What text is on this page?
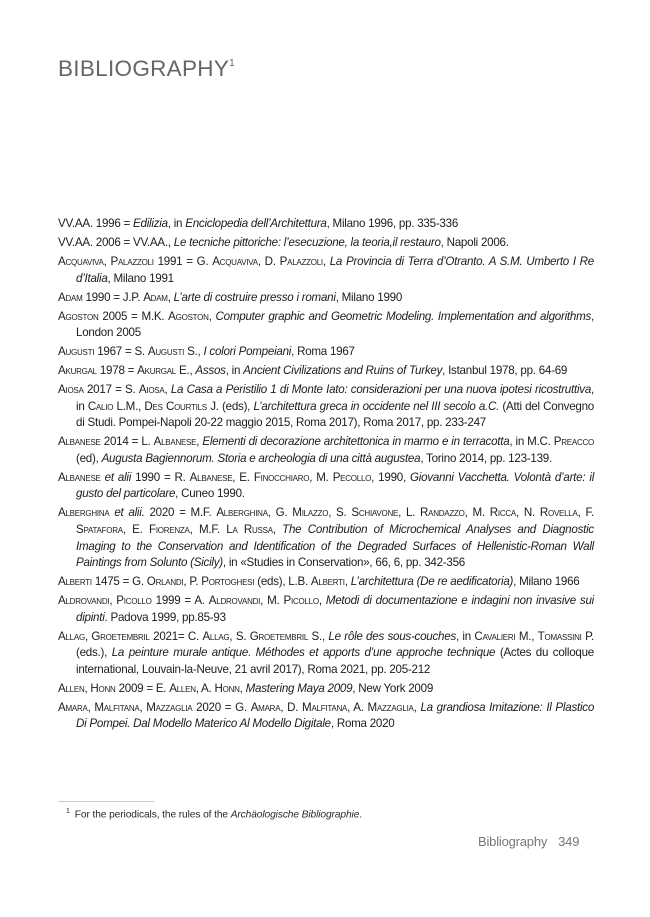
BIBLIOGRAPHY$^1$
VV.AA. 1996 = Edilizia, in Enciclopedia dell’Architettura, Milano 1996, pp. 335-336
VV.AA. 2006 = VV.AA., Le tecniche pittoriche: l’esecuzione, la teoria,il restauro, Napoli 2006.
Acquaviva, Palazzoli 1991 = G. Acquaviva, D. Palazzoli, La Provincia di Terra d’Otranto. A S.M. Umberto I Re d’Italia, Milano 1991
Adam 1990 = J.P. Adam, L’arte di costruire presso i romani, Milano 1990
Agoston 2005 = M.K. Agoston, Computer graphic and Geometric Modeling. Implementation and algorithms, London 2005
Augusti 1967 = S. Augusti S., I colori Pompeiani, Roma 1967
Akurgal 1978 = Akurgal E., Assos, in Ancient Civilizations and Ruins of Turkey, Istanbul 1978, pp. 64-69
Aiosa 2017 = S. Aiosa, La Casa a Peristilio 1 di Monte Iato: considerazioni per una nuova ipotesi ricostruttiva, in Calio L.M., Des Courtils J. (eds), L’architettura greca in occidente nel III secolo a.C. (Atti del Convegno di Studi. Pompei-Napoli 20-22 maggio 2015, Roma 2017), Roma 2017, pp. 233-247
Albanese 2014 = L. Albanese, Elementi di decorazione architettonica in marmo e in terracotta, in M.C. Preacco (ed), Augusta Bagiennorum. Storia e archeologia di una città augustea, Torino 2014, pp. 123-139.
Albanese et alii 1990 = R. Albanese, E. Finocchiaro, M. Pecollo, 1990, Giovanni Vacchetta. Volontà d’arte: il gusto del particolare, Cuneo 1990.
Alberghina et alii. 2020 = M.F. Alberghina, G. Milazzo, S. Schiavone, L. Randazzo, M. Ricca, N. Rovella, F. Spatafora, E. Fiorenza, M.F. La Russa, The Contribution of Microchemical Analyses and Diagnostic Imaging to the Conservation and Identification of the Degraded Surfaces of Hellenistic-Roman Wall Paintings from Solunto (Sicily), in «Studies in Conservation», 66, 6, pp. 342-356
Alberti 1475 = G. Orlandi, P. Portoghesi (eds), L.B. Alberti, L’architettura (De re aedificatoria), Milano 1966
Aldrovandi, Picollo 1999 = A. Aldrovandi, M. Picollo, Metodi di documentazione e indagini non invasive sui dipinti. Padova 1999, pp.85-93
Allag, Groetembril 2021= C. Allag, S. Groetembril S., Le rôle des sous-couches, in Cavalieri M., Tomassini P. (eds.), La peinture murale antique. Méthodes et apports d’une approche technique (Actes du colloque international, Louvain-la-Neuve, 21 avril 2017), Roma 2021, pp. 205-212
Allen, Honn 2009 = E. Allen, A. Honn, Mastering Maya 2009, New York 2009
Amara, Malfitana, Mazzaglia 2020 = G. Amara, D. Malfitana, A. Mazzaglia, La grandiosa Imitazione: Il Plastico Di Pompei. Dal Modello Materico Al Modello Digitale, Roma 2020
$^1$ For the periodicals, the rules of the Archäologische Bibliographie.
Bibliography 349
